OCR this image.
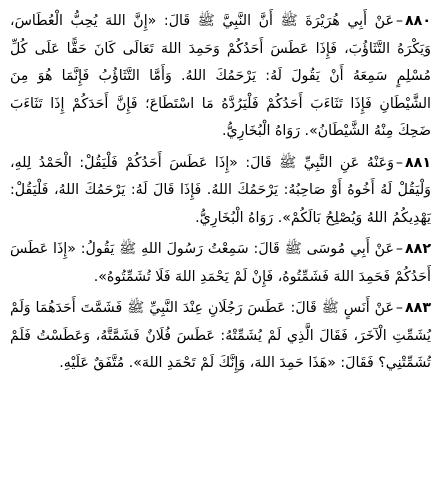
٨٨٠–عَنْ أَبِي هُرَيْرَةَ ﷺ أَنَّ النَّبِيَّ ﷺ قَالَ: «إِنَّ اللهَ يُحِبُّ الْعُطَاسَ، وَيَكْرَهُ التَّثَاؤُبَ، فَإِذَا عَطَسَ أَحَدُكُمْ وَحَمِدَ اللهَ تَعَالَى كَانَ حَقًّا عَلَى كُلِّ مُسْلِمٍ سَمِعَهُ أَنْ يَقُولَ لَهُ: يَرْحَمُكَ اللهُ. وَأَمَّا التَّثَاؤُبُ فَإِنَّمَا هُوَ مِنَ الشَّيْطَانِ فَإِذَا تَثَاءَبَ أَحَدُكُمْ فَلْيَرُدَّهُ مَا اسْتَطَاعَ؛ فَإِنَّ أَحَدَكُمْ إِذَا تَثَاءَبَ ضَحِكَ مِنْهُ الشَّيْطَانُ». رَوَاهُ الْبُخَارِيُّ.

٨٨١–وَعَنْهُ عَنِ النَّبِيِّ ﷺ قَالَ: «إِذَا عَطَسَ أَحَدُكُمْ فَلْيَقُلْ: الْحَمْدُ لِلهِ، وَلْيَقُلْ لَهُ أَخُوهُ أَوْ صَاحِبُهُ: يَرْحَمُكَ اللهُ. فَإِذَا قَالَ لَهُ: يَرْحَمُكَ اللهُ، فَلْيَقُلْ: يَهْدِيكُمُ اللهُ وَيُصْلِحُ بَالَكُمْ». رَوَاهُ الْبُخَارِيُّ.

٨٨٢–عَنْ أَبِي مُوسَى ﷺ قَالَ: سَمِعْتُ رَسُولَ اللهِ ﷺ يَقُولُ: «إِذَا عَطَسَ أَحَدُكُمْ فَحَمِدَ اللهَ فَشَمِّتُوهُ، فَإِنْ لَمْ يَحْمَدِ اللهَ فَلَا تُشَمِّتُوهُ».

٨٨٣–عَنْ أَنَسٍ ﷺ قَالَ: عَطَسَ رَجُلَانِ عِنْدَ النَّبِيِّ ﷺ فَشَمَّتَ أَحَدَهُمَا وَلَمْ يُشَمِّتِ الْآخَرَ، فَقَالَ الَّذِي لَمْ يُشَمِّتْهُ: عَطَسَ فُلَانٌ فَشَمَّتَّهُ، وَعَطَسْتُ فَلَمْ تُشَمِّتْنِي؟ فَقَالَ: «هَذَا حَمِدَ اللهَ، وَإِنَّكَ لَمْ تَحْمَدِ اللهَ». مُتَّفَقٌ عَلَيْهِ.
